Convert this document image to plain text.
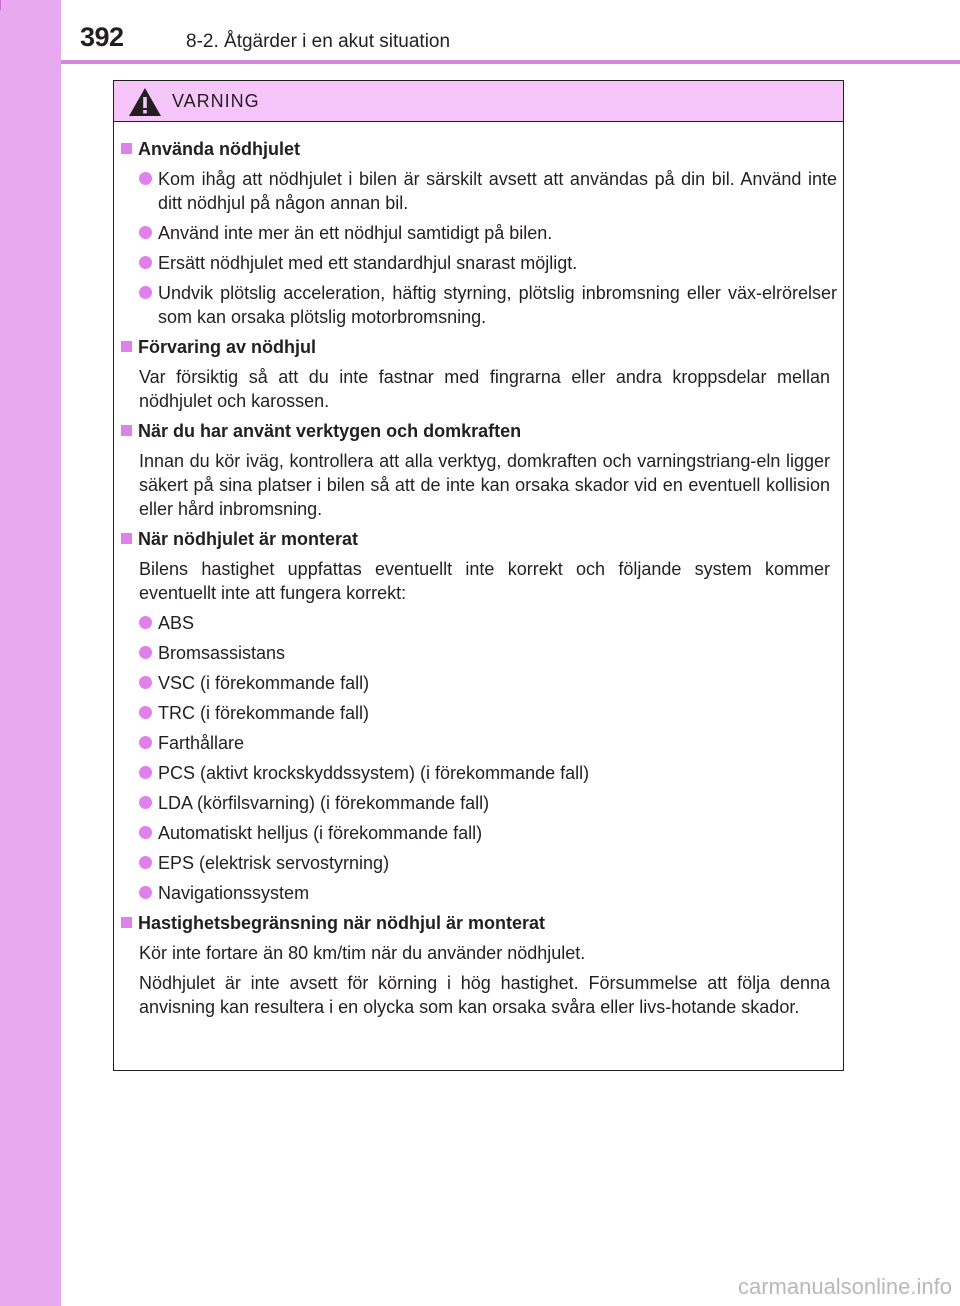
392	8-2. Åtgärder i en akut situation
VARNING
Använda nödhjulet
Kom ihåg att nödhjulet i bilen är särskilt avsett att användas på din bil. Använd inte ditt nödhjul på någon annan bil.
Använd inte mer än ett nödhjul samtidigt på bilen.
Ersätt nödhjulet med ett standardhjul snarast möjligt.
Undvik plötslig acceleration, häftig styrning, plötslig inbromsning eller väx-elrörelser som kan orsaka plötslig motorbromsning.
Förvaring av nödhjul
Var försiktig så att du inte fastnar med fingrarna eller andra kroppsdelar mellan nödhjulet och karossen.
När du har använt verktygen och domkraften
Innan du kör iväg, kontrollera att alla verktyg, domkraften och varningstriang-eln ligger säkert på sina platser i bilen så att de inte kan orsaka skador vid en eventuell kollision eller hård inbromsning.
När nödhjulet är monterat
Bilens hastighet uppfattas eventuellt inte korrekt och följande system kommer eventuellt inte att fungera korrekt:
ABS
Bromsassistans
VSC (i förekommande fall)
TRC (i förekommande fall)
Farthållare
PCS (aktivt krockskyddssystem) (i förekommande fall)
LDA (körfilsvarning) (i förekommande fall)
Automatiskt helljus (i förekommande fall)
EPS (elektrisk servostyrning)
Navigationssystem
Hastighetsbegränsning när nödhjul är monterat
Kör inte fortare än 80 km/tim när du använder nödhjulet.
Nödhjulet är inte avsett för körning i hög hastighet. Försummelse att följa denna anvisning kan resultera i en olycka som kan orsaka svåra eller livs-hotande skador.
carmanualsonline.info
